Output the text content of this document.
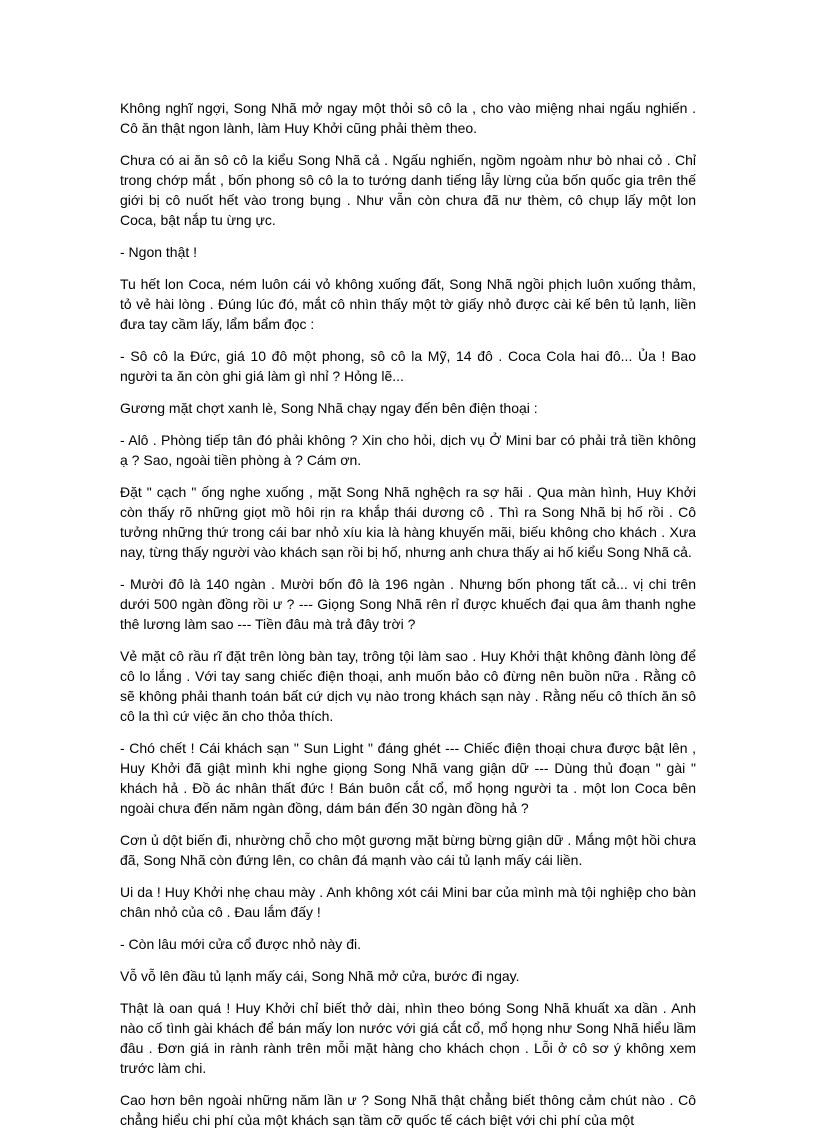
Không nghĩ ngợi, Song Nhã mở ngay một thỏi sô cô la , cho vào miệng nhai ngấu nghiến . Cô ăn thật ngon lành, làm Huy Khởi cũng phải thèm theo.

Chưa có ai ăn sô cô la kiểu Song Nhã cả . Ngấu nghiến, ngồm ngoàm như bò nhai cỏ . Chỉ trong chớp mắt , bốn phong sô cô la to tướng danh tiếng lẫy lừng của bốn quốc gia trên thế giới bị cô nuốt hết vào trong bụng . Như vẫn còn chưa đã nư thèm, cô chụp lấy một lon Coca, bật nắp tu ừng ực.

- Ngon thật !

Tu hết lon Coca, ném luôn cái vỏ không xuống đất, Song Nhã ngồi phịch luôn xuống thảm, tỏ vẻ hài lòng . Đúng lúc đó, mắt cô nhìn thấy một tờ giấy nhỏ được cài kế bên tủ lạnh, liền đưa tay cầm lấy, lẩm bẩm đọc :

- Sô cô la Đức, giá 10 đô một phong, sô cô la Mỹ, 14 đô . Coca Cola hai đô... Ủa ! Bao người ta ăn còn ghi giá làm gì nhỉ ? Hỏng lẽ...

Gương mặt chợt xanh lè, Song Nhã chạy ngay đến bên điện thoại :

- Alô . Phòng tiếp tân đó phải không ? Xin cho hỏi, dịch vụ Ở Mini bar có phải trả tiền không ạ ? Sao, ngoài tiền phòng à ? Cám ơn.

Đặt " cạch " ống nghe xuống , mặt Song Nhã nghệch ra sợ hãi . Qua màn hình, Huy Khởi còn thấy rõ những giọt mồ hôi rịn ra khắp thái dương cô . Thì ra Song Nhã bị hố rồi . Cô tưởng những thứ trong cái bar nhỏ xíu kia là hàng khuyến mãi, biếu không cho khách . Xưa nay, từng thấy người vào khách sạn rồi bị hố, nhưng anh chưa thấy ai hố kiểu Song Nhã cả.

- Mười đô là 140 ngàn . Mười bốn đô là 196 ngàn . Nhưng bốn phong tất cả... vị chi trên dưới 500 ngàn đồng rồi ư ? --- Giọng Song Nhã rên rỉ được khuếch đại qua âm thanh nghe thê lương làm sao --- Tiền đâu mà trả đây trời ?

Vẻ mặt cô rầu rĩ đặt trên lòng bàn tay, trông tội làm sao . Huy Khởi thật không đành lòng để cô lo lắng . Với tay sang chiếc điện thoại, anh muốn bảo cô đừng nên buồn nữa . Rằng cô sẽ không phải thanh toán bất cứ dịch vụ nào trong khách sạn này . Rằng nếu cô thích ăn sô cô la thì cứ việc ăn cho thỏa thích.

- Chó chết ! Cái khách sạn " Sun Light " đáng ghét --- Chiếc điện thoại chưa được bật lên , Huy Khởi đã giật mình khi nghe giọng Song Nhã vang giận dữ --- Dùng thủ đoạn " gài " khách hả . Đồ ác nhân thất đức ! Bán buôn cắt cổ, mổ họng người ta . một lon Coca bên ngoài chưa đến năm ngàn đồng, dám bán đến 30 ngàn đồng hả ?

Cơn ủ dột biến đi, nhường chỗ cho một gương mặt bừng bừng giận dữ . Mắng một hồi chưa đã, Song Nhã còn đứng lên, co chân đá mạnh vào cái tủ lạnh mấy cái liền.

Ui da ! Huy Khởi nhẹ chau mày . Anh không xót cái Mini bar của mình mà tội nghiệp cho bàn chân nhỏ của cô . Đau lắm đấy !

- Còn lâu mới cửa cổ được nhỏ này đi.

Vỗ vỗ lên đầu tủ lạnh mấy cái, Song Nhã mở cửa, bước đi ngay.

Thật là oan quá ! Huy Khởi chỉ biết thở dài, nhìn theo bóng Song Nhã khuất xa dần . Anh nào cố tình gài khách để bán mấy lon nước với giá cắt cổ, mổ họng như Song Nhã hiểu lầm đâu . Đơn giá in rành rành trên mỗi mặt hàng cho khách chọn . Lỗi ở cô sơ ý không xem trước làm chi.

Cao hơn bên ngoài những năm lần ư ? Song Nhã thật chẳng biết thông cảm chút nào . Cô chẳng hiểu chi phí của một khách sạn tầm cỡ quốc tế cách biệt với chi phí của một
